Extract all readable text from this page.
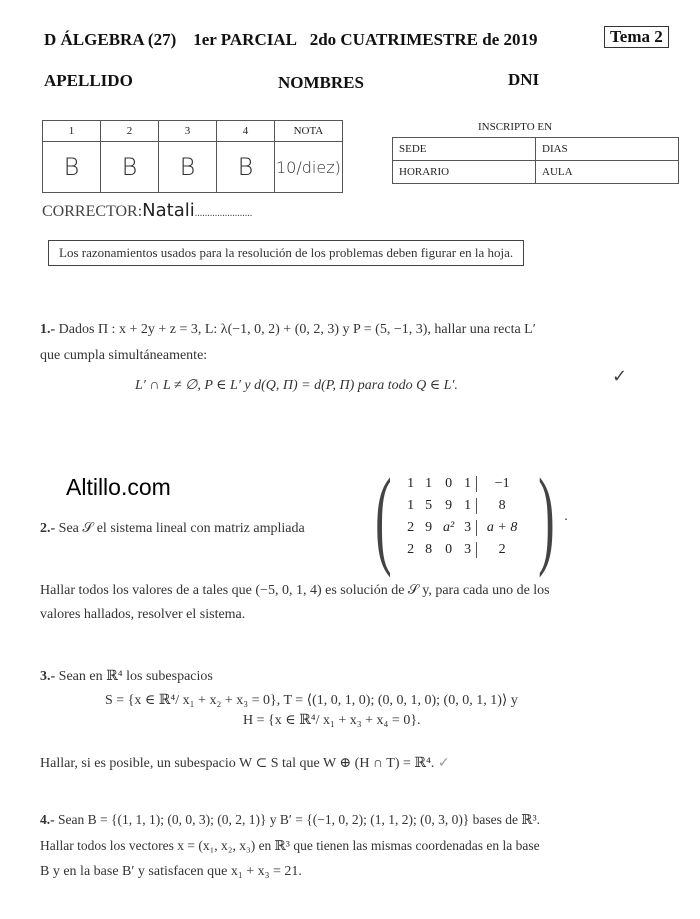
D ÁLGEBRA (27) 1er PARCIAL 2do CUATRIMESTRE de 2019	Tema 2
APELLIDO	NOMBRES	DNI
1	2	3	4	NOTA
B	B	B	B	10/diez)
INSCRIPTO EN
SEDE	DIAS
HORARIO	AULA
CORRECTOR:Natali.......................
Los razonamientos usados para la resolución de los problemas deben figurar en la hoja.
1.- Dados Π : x + 2y + z = 3, L: λ(−1, 0, 2) + (0, 2, 3) y P = (5, −1, 3), hallar una recta L′
que cumpla simultáneamente:
L′ ∩ L ≠ ∅, P ∈ L′ y d(Q, Π) = d(P, Π) para todo Q ∈ L′.	✓
Altillo.com
2.- Sea 𝒮 el sistema lineal con matriz ampliada (	1 1 0 1	−1
1 5 9 1	8
2 9 a² 3	a + 8
2 8 0 3	2 ) .
Hallar todos los valores de a tales que (−5, 0, 1, 4) es solución de 𝒮 y, para cada uno de los
valores hallados, resolver el sistema.
3.- Sean en ℝ⁴ los subespacios
S = {x ∈ ℝ⁴/ x₁ + x₂ + x₃ = 0}, T = ⟨(1, 0, 1, 0); (0, 0, 1, 0); (0, 0, 1, 1)⟩ y
H = {x ∈ ℝ⁴/ x₁ + x₃ + x₄ = 0}.
Hallar, si es posible, un subespacio W ⊂ S tal que W ⊕ (H ∩ T) = ℝ⁴. ✓
4.- Sean B = {(1, 1, 1); (0, 0, 3); (0, 2, 1)} y B′ = {(−1, 0, 2); (1, 1, 2); (0, 3, 0)} bases de ℝ³.
Hallar todos los vectores x = (x₁, x₂, x₃) en ℝ³ que tienen las mismas coordenadas en la base
B y en la base B′ y satisfacen que x₁ + x₃ = 21.
